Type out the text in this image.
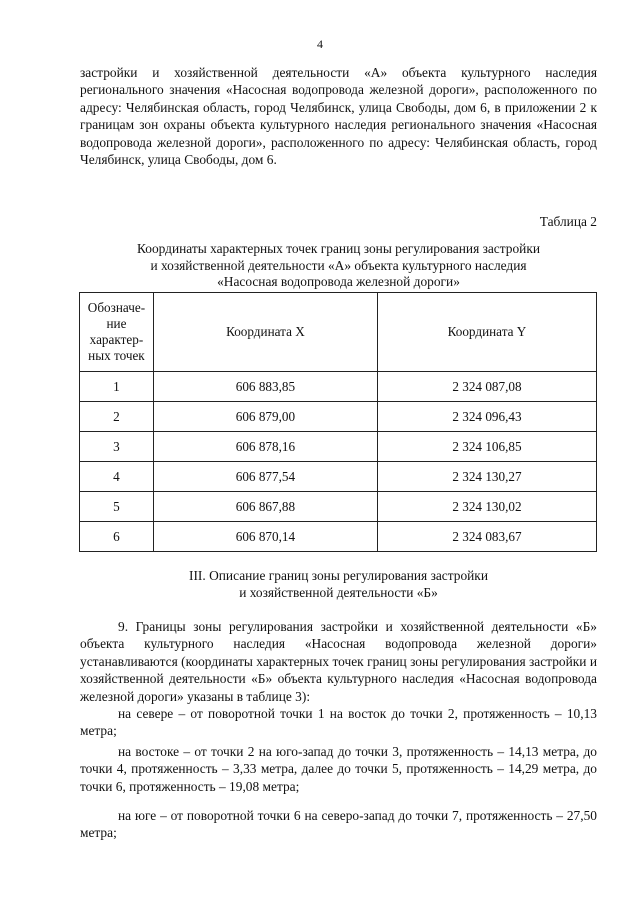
4

застройки и хозяйственной деятельности «А» объекта культурного наследия регионального значения «Насосная водопровода железной дороги», расположенного по адресу: Челябинская область, город Челябинск, улица Свободы, дом 6, в приложении 2 к границам зон охраны объекта культурного наследия регионального значения «Насосная водопровода железной дороги», расположенного по адресу: Челябинская область, город Челябинск, улица Свободы, дом 6.

Таблица 2
Координаты характерных точек границ зоны регулирования застройки
и хозяйственной деятельности «А» объекта культурного наследия
«Насосная водопровода железной дороги»
Обозначе-
ние
характер-
ных точек	Координата X	Координата Y
1	606 883,85	2 324 087,08
2	606 879,00	2 324 096,43
3	606 878,16	2 324 106,85
4	606 877,54	2 324 130,27
5	606 867,88	2 324 130,02
6	606 870,14	2 324 083,67
III. Описание границ зоны регулирования застройки
и хозяйственной деятельности «Б»

9. Границы зоны регулирования застройки и хозяйственной деятельности «Б» объекта культурного наследия «Насосная водопровода железной дороги» устанавливаются (координаты характерных точек границ зоны регулирования застройки и хозяйственной деятельности «Б» объекта культурного наследия «Насосная водопровода железной дороги» указаны в таблице 3):

на севере – от поворотной точки 1 на восток до точки 2, протяженность – 10,13 метра;

на востоке – от точки 2 на юго-запад до точки 3, протяженность – 14,13 метра, до точки 4, протяженность – 3,33 метра, далее до точки 5, протяженность – 14,29 метра, до точки 6, протяженность – 19,08 метра;

на юге – от поворотной точки 6 на северо-запад до точки 7, протяженность – 27,50 метра;
